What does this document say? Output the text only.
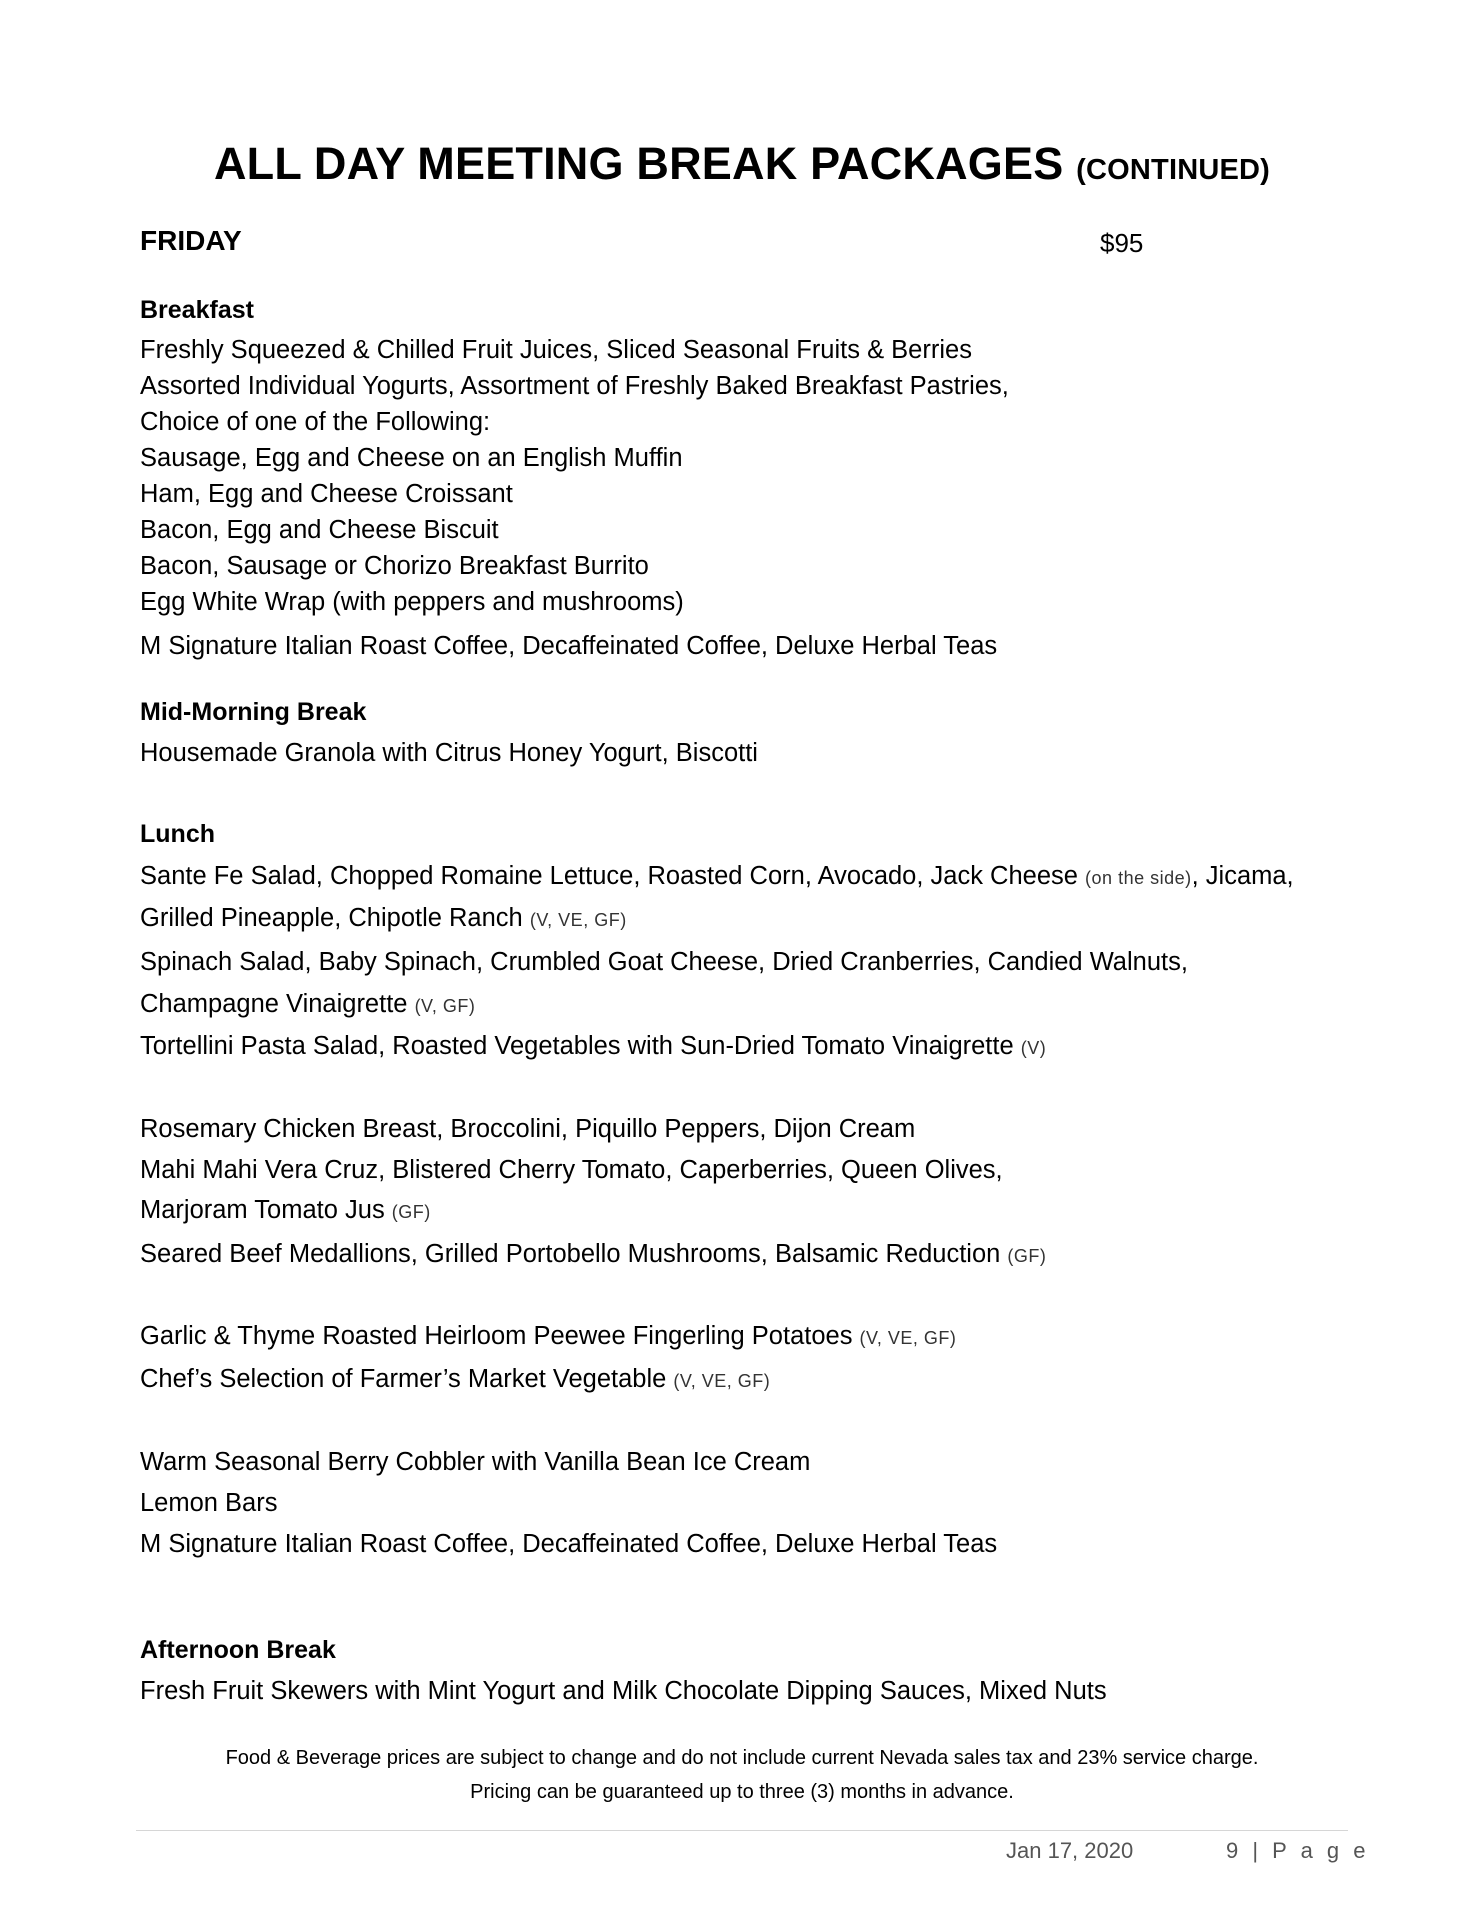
ALL DAY MEETING BREAK PACKAGES (CONTINUED)
FRIDAY	$95
Breakfast
Freshly Squeezed & Chilled Fruit Juices, Sliced Seasonal Fruits & Berries
Assorted Individual Yogurts, Assortment of Freshly Baked Breakfast Pastries,
Choice of one of the Following:
Sausage, Egg and Cheese on an English Muffin
Ham, Egg and Cheese Croissant
Bacon, Egg and Cheese Biscuit
Bacon, Sausage or Chorizo Breakfast Burrito
Egg White Wrap (with peppers and mushrooms)
M Signature Italian Roast Coffee, Decaffeinated Coffee, Deluxe Herbal Teas
Mid-Morning Break
Housemade Granola with Citrus Honey Yogurt, Biscotti
Lunch
Sante Fe Salad, Chopped Romaine Lettuce, Roasted Corn, Avocado, Jack Cheese (on the side), Jicama,
Grilled Pineapple, Chipotle Ranch (V, VE, GF)
Spinach Salad, Baby Spinach, Crumbled Goat Cheese, Dried Cranberries, Candied Walnuts,
Champagne Vinaigrette (V, GF)
Tortellini Pasta Salad, Roasted Vegetables with Sun-Dried Tomato Vinaigrette (V)
Rosemary Chicken Breast, Broccolini, Piquillo Peppers, Dijon Cream
Mahi Mahi Vera Cruz, Blistered Cherry Tomato, Caperberries, Queen Olives,
Marjoram Tomato Jus (GF)
Seared Beef Medallions, Grilled Portobello Mushrooms, Balsamic Reduction (GF)
Garlic & Thyme Roasted Heirloom Peewee Fingerling Potatoes (V, VE, GF)
Chef’s Selection of Farmer’s Market Vegetable (V, VE, GF)
Warm Seasonal Berry Cobbler with Vanilla Bean Ice Cream
Lemon Bars
M Signature Italian Roast Coffee, Decaffeinated Coffee, Deluxe Herbal Teas
Afternoon Break
Fresh Fruit Skewers with Mint Yogurt and Milk Chocolate Dipping Sauces, Mixed Nuts
Food & Beverage prices are subject to change and do not include current Nevada sales tax and 23% service charge.
Pricing can be guaranteed up to three (3) months in advance.
Jan 17, 2020	9 | P a g e
